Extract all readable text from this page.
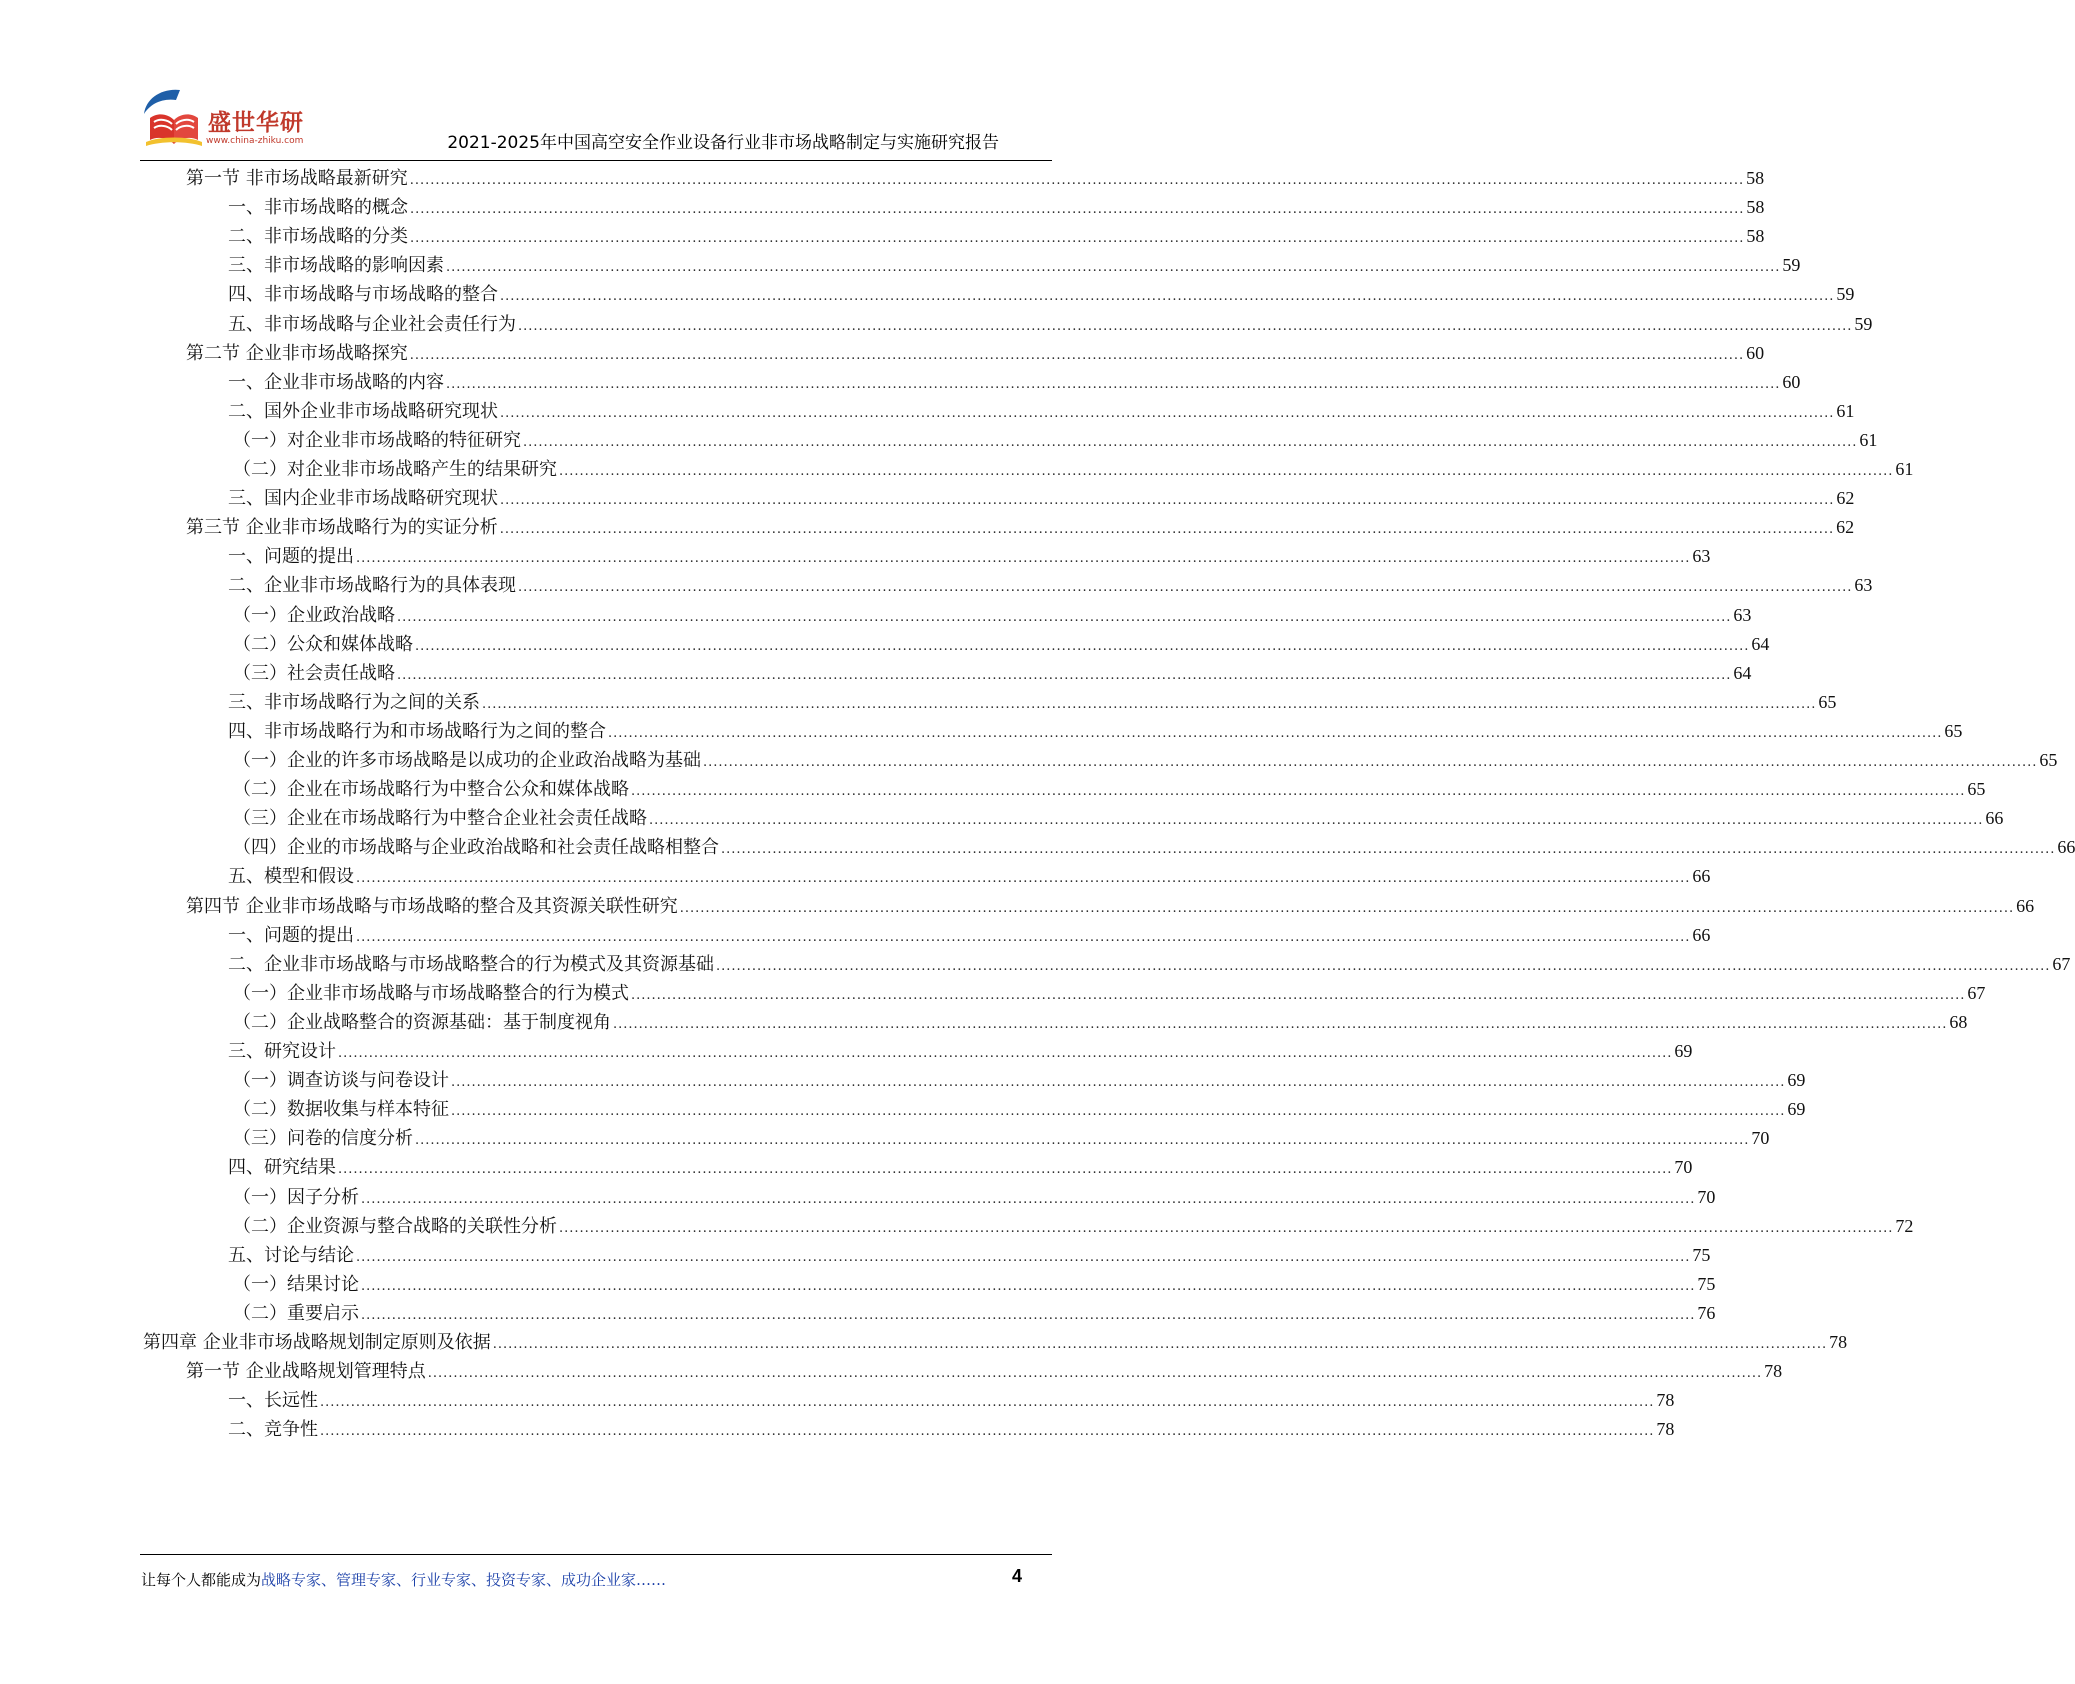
盛世华研
www.china-zhiku.com	2021-2025年中国高空安全作业设备行业非市场战略制定与实施研究报告
第一节 非市场战略最新研究 .................................................................................................................................................................................................................................................................... 58
一、非市场战略的概念 .................................................................................................................................................................................................................................................................... 58
二、非市场战略的分类 .................................................................................................................................................................................................................................................................... 58
三、非市场战略的影响因素 .................................................................................................................................................................................................................................................................... 59
四、非市场战略与市场战略的整合 .................................................................................................................................................................................................................................................................... 59
五、非市场战略与企业社会责任行为 .................................................................................................................................................................................................................................................................... 59
第二节 企业非市场战略探究 .................................................................................................................................................................................................................................................................... 60
一、企业非市场战略的内容 .................................................................................................................................................................................................................................................................... 60
二、国外企业非市场战略研究现状 .................................................................................................................................................................................................................................................................... 61
（一）对企业非市场战略的特征研究 .................................................................................................................................................................................................................................................................... 61
（二）对企业非市场战略产生的结果研究 .................................................................................................................................................................................................................................................................... 61
三、国内企业非市场战略研究现状 .................................................................................................................................................................................................................................................................... 62
第三节 企业非市场战略行为的实证分析 .................................................................................................................................................................................................................................................................... 62
一、问题的提出 .................................................................................................................................................................................................................................................................... 63
二、企业非市场战略行为的具体表现 .................................................................................................................................................................................................................................................................... 63
（一）企业政治战略 .................................................................................................................................................................................................................................................................... 63
（二）公众和媒体战略 .................................................................................................................................................................................................................................................................... 64
（三）社会责任战略 .................................................................................................................................................................................................................................................................... 64
三、非市场战略行为之间的关系 .................................................................................................................................................................................................................................................................... 65
四、非市场战略行为和市场战略行为之间的整合 .................................................................................................................................................................................................................................................................... 65
（一）企业的许多市场战略是以成功的企业政治战略为基础 .................................................................................................................................................................................................................................................................... 65
（二）企业在市场战略行为中整合公众和媒体战略 .................................................................................................................................................................................................................................................................... 65
（三）企业在市场战略行为中整合企业社会责任战略 .................................................................................................................................................................................................................................................................... 66
（四）企业的市场战略与企业政治战略和社会责任战略相整合 .................................................................................................................................................................................................................................................................... 66
五、模型和假设 .................................................................................................................................................................................................................................................................... 66
第四节 企业非市场战略与市场战略的整合及其资源关联性研究 .................................................................................................................................................................................................................................................................... 66
一、问题的提出 .................................................................................................................................................................................................................................................................... 66
二、企业非市场战略与市场战略整合的行为模式及其资源基础 .................................................................................................................................................................................................................................................................... 67
（一）企业非市场战略与市场战略整合的行为模式 .................................................................................................................................................................................................................................................................... 67
（二）企业战略整合的资源基础：基于制度视角 .................................................................................................................................................................................................................................................................... 68
三、研究设计 .................................................................................................................................................................................................................................................................... 69
（一）调查访谈与问卷设计 .................................................................................................................................................................................................................................................................... 69
（二）数据收集与样本特征 .................................................................................................................................................................................................................................................................... 69
（三）问卷的信度分析 .................................................................................................................................................................................................................................................................... 70
四、研究结果 .................................................................................................................................................................................................................................................................... 70
（一）因子分析 .................................................................................................................................................................................................................................................................... 70
（二）企业资源与整合战略的关联性分析 .................................................................................................................................................................................................................................................................... 72
五、讨论与结论 .................................................................................................................................................................................................................................................................... 75
（一）结果讨论 .................................................................................................................................................................................................................................................................... 75
（二）重要启示 .................................................................................................................................................................................................................................................................... 76
第四章 企业非市场战略规划制定原则及依据 .................................................................................................................................................................................................................................................................... 78
第一节 企业战略规划管理特点 .................................................................................................................................................................................................................................................................... 78
一、长远性 .................................................................................................................................................................................................................................................................... 78
二、竞争性 .................................................................................................................................................................................................................................................................... 78
让每个人都能成为战略专家、管理专家、行业专家、投资专家、成功企业家……	4
